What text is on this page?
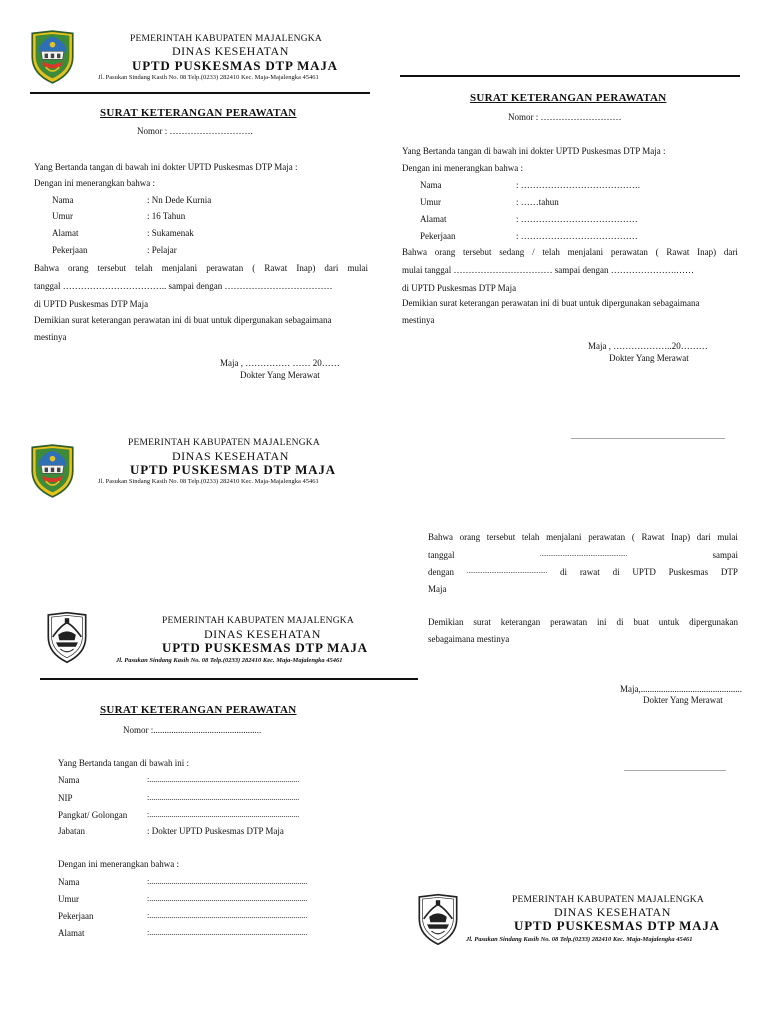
PEMERINTAH KABUPATEN MAJALENGKA
DINAS KESEHATAN
UPTD PUSKESMAS DTP MAJA
Jl. Pasukan Sindang Kasih No. 08 Telp.(0233) 282410 Kec. Maja-Majalengka 45461
SURAT KETERANGAN PERAWATAN
Nomor : ……………………….
Yang Bertanda tangan di bawah ini dokter UPTD Puskesmas DTP Maja :
Dengan ini menerangkan bahwa :
Nama	: Nn Dede Kurnia
Umur	: 16 Tahun
Alamat	: Sukamenak
Pekerjaan	: Pelajar
Bahwa orang tersebut telah menjalani perawatan ( Rawat Inap) dari mulai
tanggal …………………………….. sampai dengan ………………………………
di UPTD Puskesmas DTP Maja
Demikian surat keterangan perawatan ini di buat untuk dipergunakan sebagaimana
mestinya
Maja , …………… …… 20……
Dokter Yang Merawat
SURAT KETERANGAN PERAWATAN
Nomor : ………………………
Yang Bertanda tangan di bawah ini dokter UPTD Puskesmas DTP Maja :
Dengan ini menerangkan bahwa :
Nama	: ………………………………….
Umur	: ……tahun
Alamat	: …………………………………
Pekerjaan	: …………………………………
Bahwa orang tersebut sedang / telah menjalani perawatan ( Rawat Inap) dari
mulai tanggal …………………………… sampai dengan ………………….……
di UPTD Puskesmas DTP Maja
Demikian surat keterangan perawatan ini di buat untuk dipergunakan sebagaimana
mestinya
Maja , ………………..20………
Dokter Yang Merawat
.............................................................................
PEMERINTAH KABUPATEN MAJALENGKA
DINAS KESEHATAN
UPTD PUSKESMAS DTP MAJA
Jl. Pasukan Sindang Kasih No. 08 Telp.(0233) 282410 Kec. Maja-Majalengka 45461
Bahwa orang tersebut telah menjalani perawatan ( Rawat Inap) dari mulai
tanggal	..................................................	sampai
dengan .............................................. di rawat di UPTD Puskesmas DTP
Maja
Demikian surat keterangan perawatan ini di buat untuk dipergunakan
sebagaimana mestinya
Maja,.............................................
Dokter Yang Merawat
...................................................
PEMERINTAH KABUPATEN MAJALENGKA
DINAS KESEHATAN
UPTD PUSKESMAS DTP MAJA
Jl. Pasukan Sindang Kasih No. 08 Telp.(0233) 282410 Kec. Maja-Majalengka 45461
SURAT KETERANGAN PERAWATAN
Nomor :................................................
Yang Bertanda tangan di bawah ini :
Nama	:...........................................................................
NIP	:...........................................................................
Pangkat/ Golongan :...........................................................................
Jabatan	: Dokter UPTD Puskesmas DTP Maja
Dengan ini menerangkan bahwa :
Nama	:...............................................................................
Umur	:...............................................................................
Pekerjaan	:...............................................................................
Alamat	:...............................................................................
PEMERINTAH KABUPATEN MAJALENGKA
DINAS KESEHATAN
UPTD PUSKESMAS DTP MAJA
Jl. Pasukan Sindang Kasih No. 08 Telp.(0233) 282410 Kec. Maja-Majalengka 45461
